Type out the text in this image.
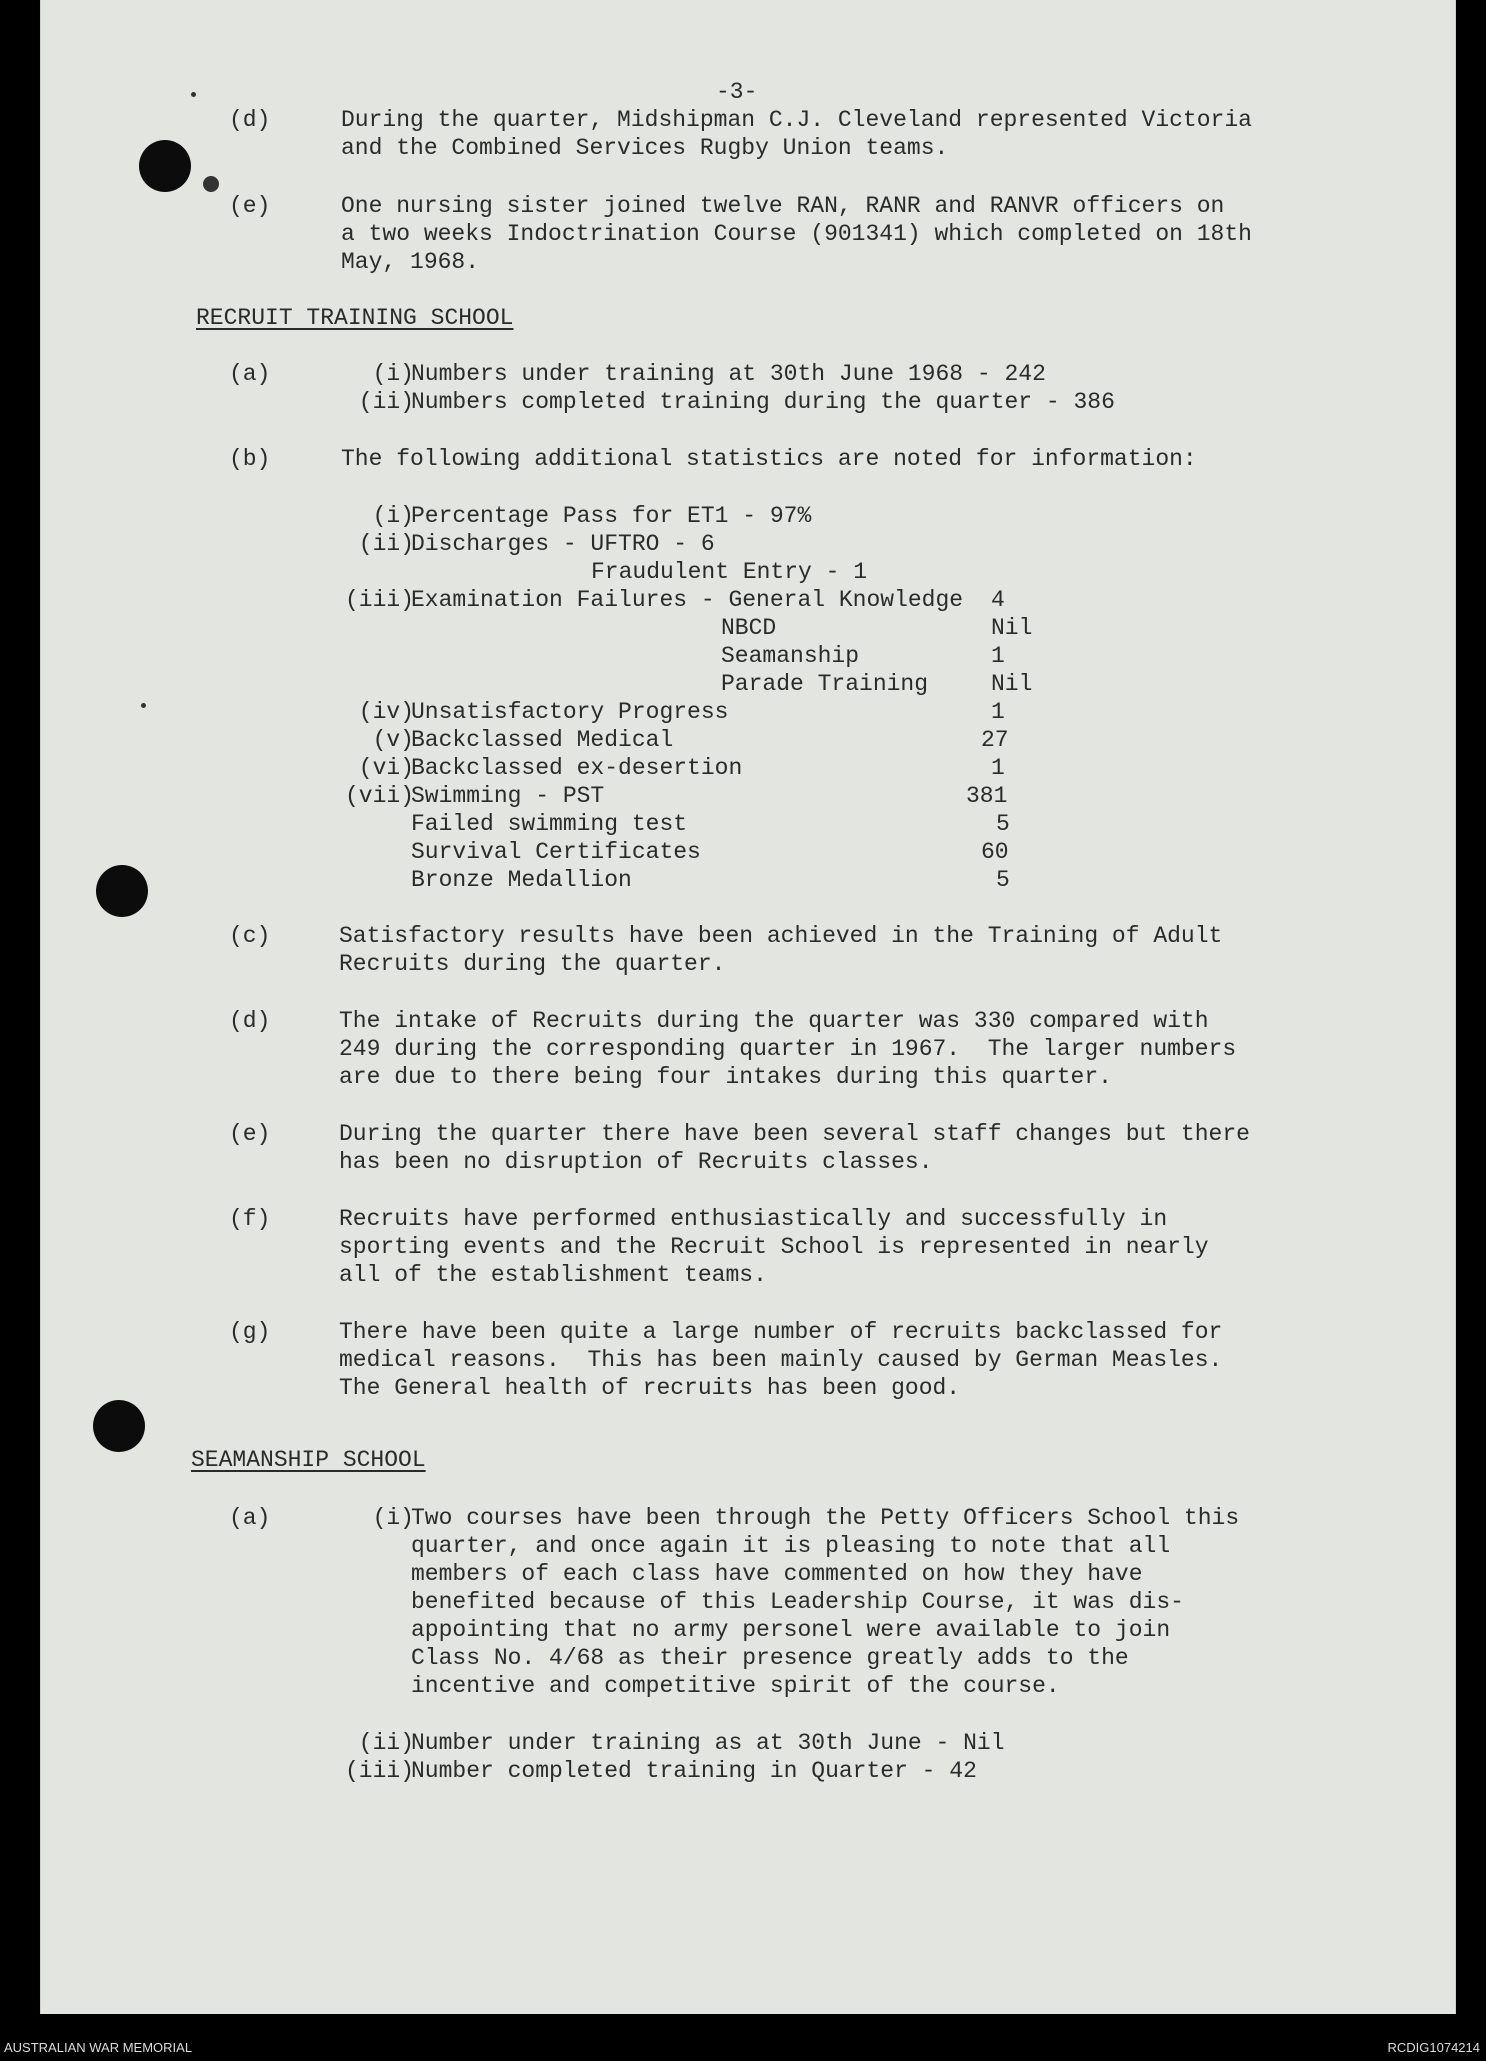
-3-
(d)	During the quarter, Midshipman C.J. Cleveland represented Victoria
and the Combined Services Rugby Union teams.
(e)	One nursing sister joined twelve RAN, RANR and RANVR officers on
a two weeks Indoctrination Course (901341) which completed on 18th
May, 1968.
RECRUIT TRAINING SCHOOL
(a)	(i)
Numbers under training at 30th June 1968 - 242
(ii)
Numbers completed training during the quarter - 386
(b)	The following additional statistics are noted for information:
(i)
Percentage Pass for ET1 - 97%
(ii)
Discharges - UFTRO - 6
Fraudulent Entry - 1
(iii)
Examination Failures - General Knowledge 4
NBCD	Nil
Seamanship	1
Parade Training	Nil
(iv)
Unsatisfactory Progress	1
(v)
Backclassed Medical	27
(vi)
Backclassed ex-desertion	1
(vii)
Swimming - PST	381
Failed swimming test	5
Survival Certificates	60
Bronze Medallion	5
(c)	Satisfactory results have been achieved in the Training of Adult
Recruits during the quarter.
(d)	The intake of Recruits during the quarter was 330 compared with
249 during the corresponding quarter in 1967.  The larger numbers
are due to there being four intakes during this quarter.
(e)	During the quarter there have been several staff changes but there
has been no disruption of Recruits classes.
(f)	Recruits have performed enthusiastically and successfully in
sporting events and the Recruit School is represented in nearly
all of the establishment teams.
(g)	There have been quite a large number of recruits backclassed for
medical reasons.  This has been mainly caused by German Measles.
The General health of recruits has been good.
SEAMANSHIP SCHOOL
(a)	(i)
Two courses have been through the Petty Officers School this
quarter, and once again it is pleasing to note that all
members of each class have commented on how they have
benefited because of this Leadership Course, it was dis-
appointing that no army personel were available to join
Class No. 4/68 as their presence greatly adds to the
incentive and competitive spirit of the course.
(ii)
Number under training as at 30th June - Nil
(iii)
Number completed training in Quarter - 42
AUSTRALIAN WAR MEMORIAL	RCDIG1074214
